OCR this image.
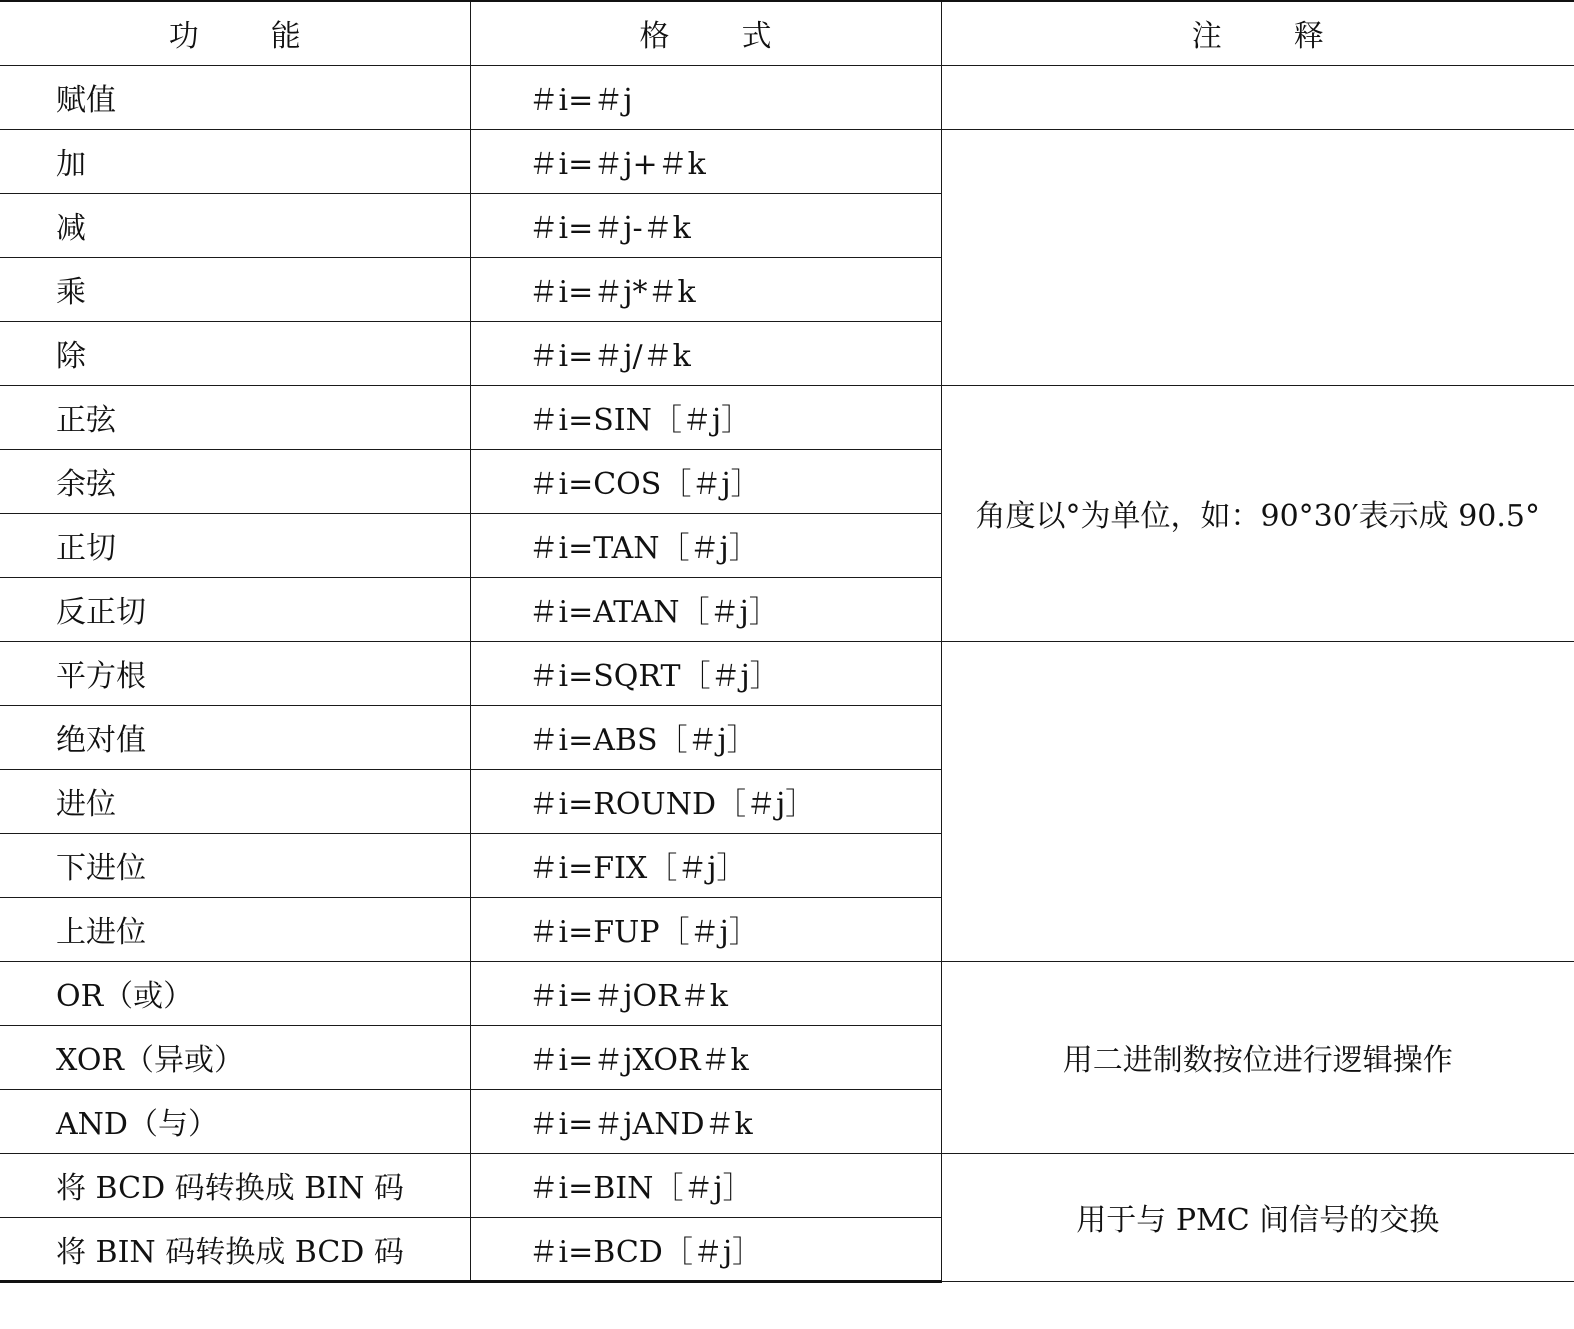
功能	格式	注释
赋值	＃i=＃j	
加	＃i=＃j+＃k	
减	＃i=＃j-＃k	
乘	＃i=＃j*＃k	
除	＃i=＃j/＃k	
正弦	＃i=SIN［＃j］	角度以°为单位，如：90°30′表示成 90.5°
余弦	＃i=COS［＃j］	
正切	＃i=TAN［＃j］	
反正切	＃i=ATAN［＃j］	
平方根	＃i=SQRT［＃j］	
绝对值	＃i=ABS［＃j］	
进位	＃i=ROUND［＃j］	
下进位	＃i=FIX［＃j］	
上进位	＃i=FUP［＃j］	
OR（或）	＃i=＃jOR＃k	用二进制数按位进行逻辑操作
XOR（异或）	＃i=＃jXOR＃k	
AND（与）	＃i=＃jAND＃k	
将 BCD 码转换成 BIN 码	＃i=BIN［＃j］	用于与 PMC 间信号的交换
将 BIN 码转换成 BCD 码	＃i=BCD［＃j］	
